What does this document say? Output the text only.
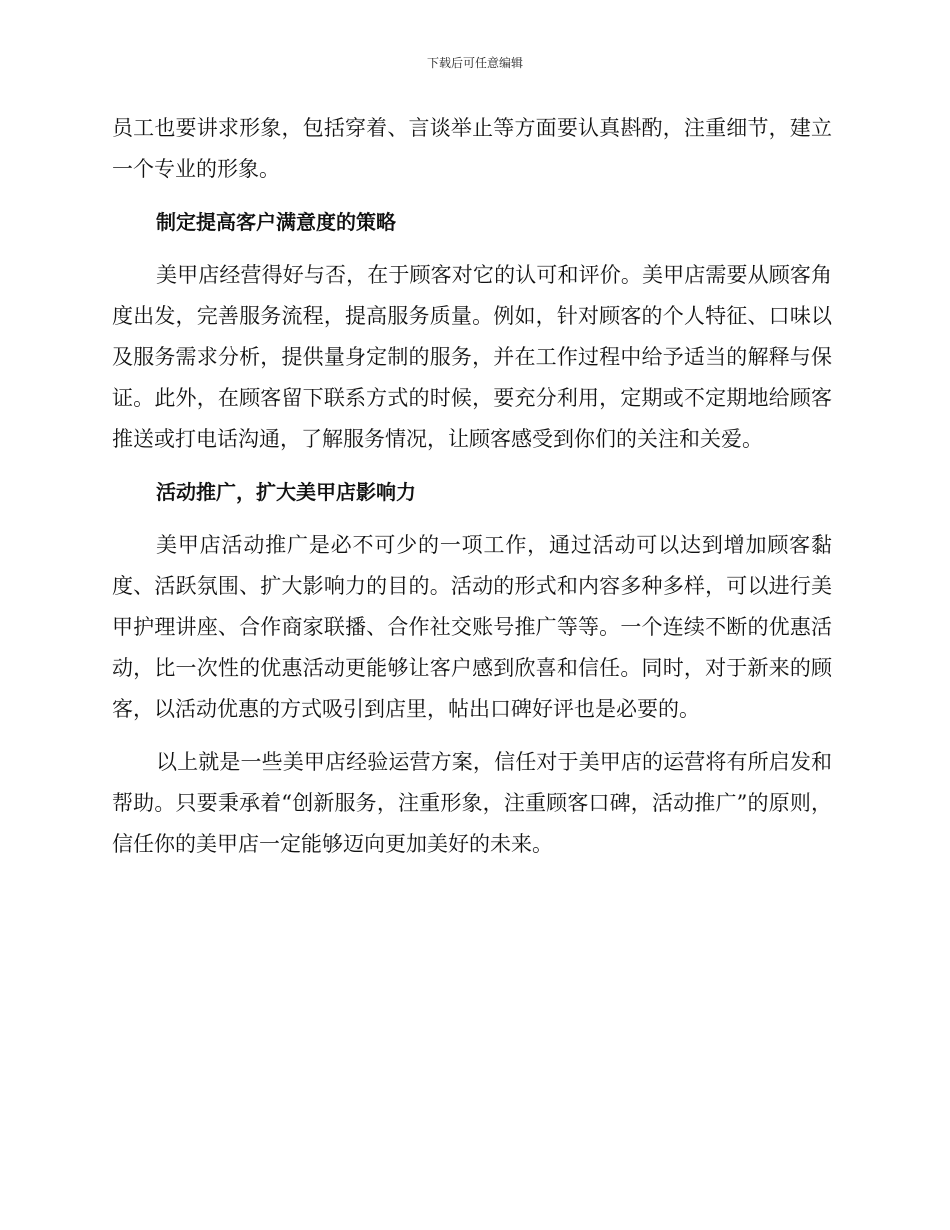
下载后可任意编辑

员工也要讲求形象，包括穿着、言谈举止等方面要认真斟酌，注重细节，建立一个专业的形象。

制定提高客户满意度的策略

美甲店经营得好与否，在于顾客对它的认可和评价。美甲店需要从顾客角度出发，完善服务流程，提高服务质量。例如，针对顾客的个人特征、口味以及服务需求分析，提供量身定制的服务，并在工作过程中给予适当的解释与保证。此外，在顾客留下联系方式的时候，要充分利用，定期或不定期地给顾客推送或打电话沟通，了解服务情况，让顾客感受到你们的关注和关爱。

活动推广，扩大美甲店影响力

美甲店活动推广是必不可少的一项工作，通过活动可以达到增加顾客黏度、活跃氛围、扩大影响力的目的。活动的形式和内容多种多样，可以进行美甲护理讲座、合作商家联播、合作社交账号推广等等。一个连续不断的优惠活动，比一次性的优惠活动更能够让客户感到欣喜和信任。同时，对于新来的顾客，以活动优惠的方式吸引到店里，帖出口碑好评也是必要的。

以上就是一些美甲店经验运营方案，信任对于美甲店的运营将有所启发和帮助。只要秉承着“创新服务，注重形象，注重顾客口碑，活动推广”的原则，信任你的美甲店一定能够迈向更加美好的未来。
